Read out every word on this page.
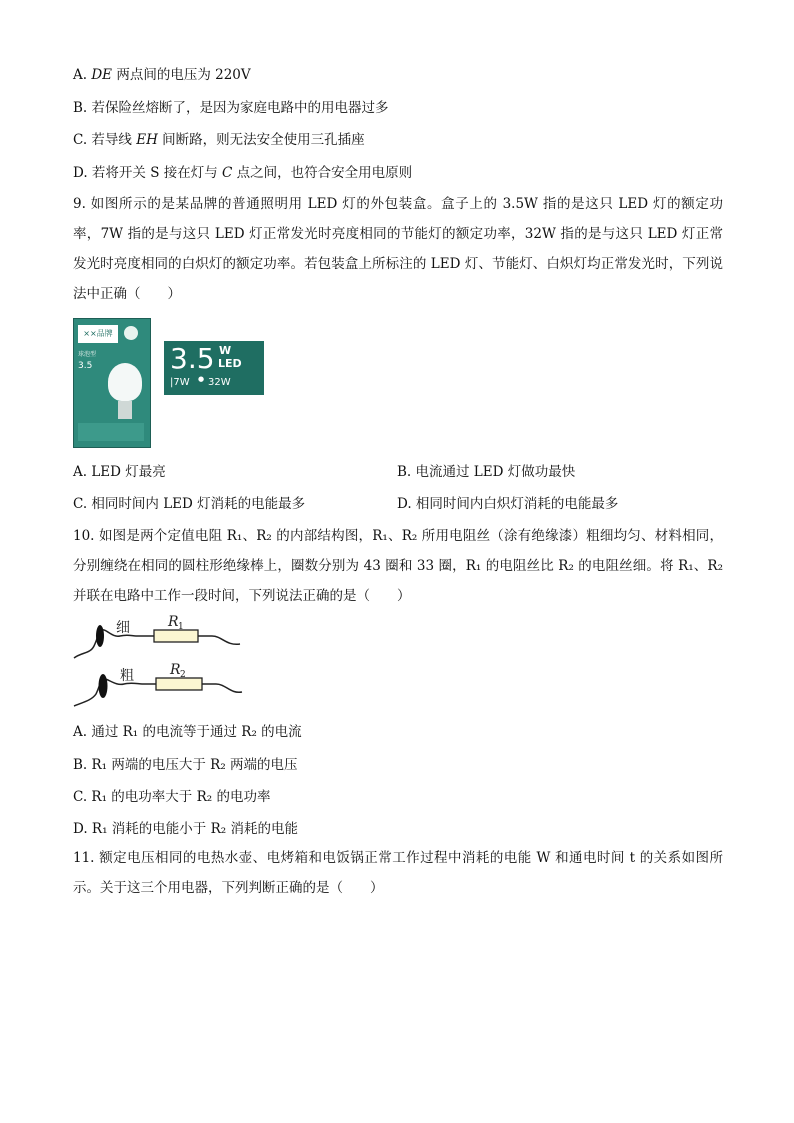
A. DE 两点间的电压为 220V
B. 若保险丝熔断了，是因为家庭电路中的用电器过多
C. 若导线 EH 间断路，则无法安全使用三孔插座
D. 若将开关 S 接在灯与 C 点之间，也符合安全用电原则
9. 如图所示的是某品牌的普通照明用 LED 灯的外包装盒。盒子上的 3.5W 指的是这只 LED 灯的额定功率，7W 指的是与这只 LED 灯正常发光时亮度相同的节能灯的额定功率，32W 指的是与这只 LED 灯正常发光时亮度相同的白炽灯的额定功率。若包装盒上所标注的 LED 灯、节能灯、白炽灯均正常发光时，下列说法中正确（　　）
××品牌
球泡型
3.5	3.5 W
LED
|7W ● 32W
A. LED 灯最亮	B. 电流通过 LED 灯做功最快
C. 相同时间内 LED 灯消耗的电能最多	D. 相同时间内白炽灯消耗的电能最多
10. 如图是两个定值电阻 R₁、R₂ 的内部结构图，R₁、R₂ 所用电阻丝（涂有绝缘漆）粗细均匀、材料相同，分别缠绕在相同的圆柱形绝缘棒上，圈数分别为 43 圈和 33 圈，R₁ 的电阻丝比 R₂ 的电阻丝细。将 R₁、R₂ 并联在电路中工作一段时间，下列说法正确的是（　　）
细	R 1
粗	R 2
A. 通过 R₁ 的电流等于通过 R₂ 的电流
B. R₁ 两端的电压大于 R₂ 两端的电压
C. R₁ 的电功率大于 R₂ 的电功率
D. R₁ 消耗的电能小于 R₂ 消耗的电能
11. 额定电压相同的电热水壶、电烤箱和电饭锅正常工作过程中消耗的电能 W 和通电时间 t 的关系如图所示。关于这三个用电器，下列判断正确的是（　　）
